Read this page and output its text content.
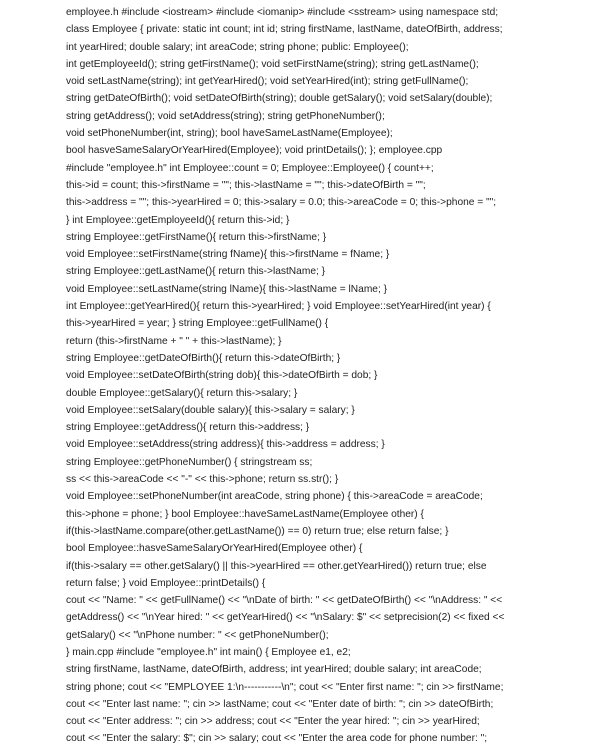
employee.h #include <iostream> #include <iomanip> #include <sstream> using namespace std;
class Employee { private: static int count; int id; string firstName, lastName, dateOfBirth, address;
int yearHired; double salary; int areaCode; string phone; public: Employee();
int getEmployeeId(); string getFirstName(); void setFirstName(string); string getLastName();
void setLastName(string); int getYearHired(); void setYearHired(int); string getFullName();
string getDateOfBirth(); void setDateOfBirth(string); double getSalary(); void setSalary(double);
string getAddress(); void setAddress(string); string getPhoneNumber();
void setPhoneNumber(int, string); bool haveSameLastName(Employee);
bool hasveSameSalaryOrYearHired(Employee); void printDetails(); }; employee.cpp
#include "employee.h" int Employee::count = 0; Employee::Employee() { count++;
this->id = count; this->firstName = ""; this->lastName = ""; this->dateOfBirth = "";
this->address = ""; this->yearHired = 0; this->salary = 0.0; this->areaCode = 0; this->phone = "";
} int Employee::getEmployeeId(){ return this->id; }
string Employee::getFirstName(){ return this->firstName; }
void Employee::setFirstName(string fName){ this->firstName = fName; }
string Employee::getLastName(){ return this->lastName; }
void Employee::setLastName(string lName){ this->lastName = lName; }
int Employee::getYearHired(){ return this->yearHired; } void Employee::setYearHired(int year) {
this->yearHired = year; } string Employee::getFullName() {
return (this->firstName + " " + this->lastName); }
string Employee::getDateOfBirth(){ return this->dateOfBirth; }
void Employee::setDateOfBirth(string dob){ this->dateOfBirth = dob; }
double Employee::getSalary(){ return this->salary; }
void Employee::setSalary(double salary){ this->salary = salary; }
string Employee::getAddress(){ return this->address; }
void Employee::setAddress(string address){ this->address = address; }
string Employee::getPhoneNumber() { stringstream ss;
ss << this->areaCode << "-" << this->phone; return ss.str(); }
void Employee::setPhoneNumber(int areaCode, string phone) { this->areaCode = areaCode;
this->phone = phone; } bool Employee::haveSameLastName(Employee other) {
if(this->lastName.compare(other.getLastName()) == 0) return true; else return false; }
bool Employee::hasveSameSalaryOrYearHired(Employee other) {
if(this->salary == other.getSalary() || this->yearHired == other.getYearHired()) return true; else
return false; } void Employee::printDetails() {
cout << "Name: " << getFullName() << "\nDate of birth: " << getDateOfBirth() << "\nAddress: " <<
getAddress() << "\nYear hired: " << getYearHired() << "\nSalary: $" << setprecision(2) << fixed <<
getSalary() << "\nPhone number: " << getPhoneNumber();
} main.cpp #include "employee.h" int main() { Employee e1, e2;
string firstName, lastName, dateOfBirth, address; int yearHired; double salary; int areaCode;
string phone; cout << "EMPLOYEE 1:\n-----------\n"; cout << "Enter first name: "; cin >> firstName;
cout << "Enter last name: "; cin >> lastName; cout << "Enter date of birth: "; cin >> dateOfBirth;
cout << "Enter address: "; cin >> address; cout << "Enter the year hired: "; cin >> yearHired;
cout << "Enter the salary: $"; cin >> salary; cout << "Enter the area code for phone number: ";
